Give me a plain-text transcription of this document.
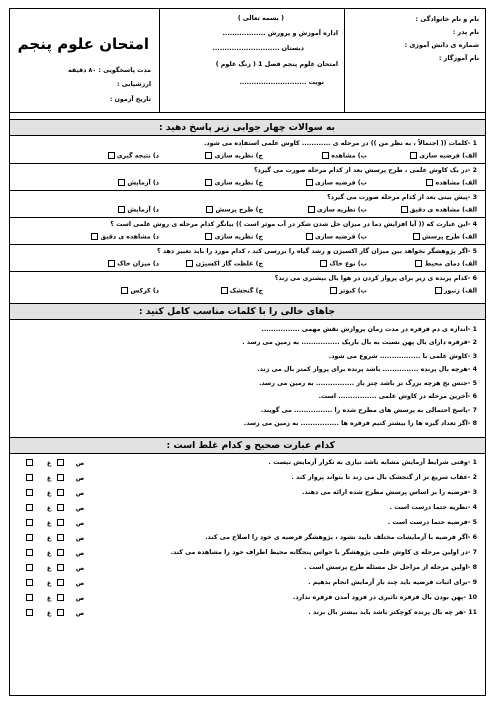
نام و نام خانوادگی :
نام پدر :
شماره ی دانش آموزی :
نام آموزگار :
( بسمه تعالی )
اداره آموزش و پرورش ..................
دبستان ............................
امتحان علوم پنجم فصل 1 ( زنگ علوم )
نوبت ............................
امتحان علوم پنجم
مدت پاسخگویی : ۸۰ دقیقه
ارزشیابی :
تاریخ آزمون :
به سوالات چهار جوابی زیر پاسخ دهید :
1 -کلمات (( احتمالاً ، به نظر من )) در مرحله ی ............ کاوش علمی استفاده می شود.
الف) فرضیه سازی
ب) مشاهده
ج) نظریه سازی
د) نتیجه گیری
2 -در یک کاوش علمی ، طرح پرسش بعد از کدام مرحله صورت می گیرد؟
الف) مشاهده
ب) فرضیه سازی
ج) نظریه سازی
د) آزمایش
3 -پیش بینی بعد از کدام مرحله صورت می گیرد؟
الف) مشاهده ی دقیق
ب) نظریه سازی
ج) طرح پرسش
د) آزمایش
4 -این عبارت که (( آیا افزایش دما در میزان حل شدن شکر در آب موثر است )) بیانگر کدام مرحله ی روش علمی است ؟
الف) طرح پرسش
ب) فرضیه سازی
ج) نظریه سازی
د) مشاهده ی دقیق
5 -اگر پژوهشگر بخواهد بین میزان گاز اکسیژن و رشد گیاه را بررسی کند ، کدام مورد را باید تغییر دهد ؟
الف) دمای محیط
ب) نوع خاک
ج) غلظت گاز اکسیژن
د) میزان خاک
6 -کدام پرنده ی زیر برای پرواز کردن در هوا بال بیشتری می زند؟
الف) زنبور
ب) کبوتر
ج) گنجشک
د) کرکس
جاهای خالی را با کلمات مناسب کامل کنید :
1 -اندازه ی دم فرفره در مدت زمان پروازش نقش مهمی ................
2 -فرفره دارای بال پهن نسبت به بال باریک ................ به زمین می رسد .
3 -کاوش علمی با ................. شروع می شود.
4 -هرچه بال پرنده ............... باشد پرنده برای پرواز کمتر بال می زند.
5 -جنس نخ هرچه بزرگ تر باشد چتر باز ................ به زمین می رسد.
6 -آخرین مرحله در کاوش علمی ................ است.
7 -پاسخ احتمالی به پرسش های مطرح شده را ................ می گویند.
8 -اگر تعداد گیره ها را بیشتر کنیم فرفره ها ................ به زمین می رسد.
کدام عبارت صحیح و کدام غلط است :
1 -وقتی شرایط آزمایش مشابه باشد نیازی به تکرار آزمایش نیست .
غ	ص
2 -عقاب سریع تر از گنجشک بال می زند تا بتواند پرواز کند .
غ	ص
3 -فرضیه را بر اساس پرسش مطرح شده ارائه می دهند.
غ	ص
4 -نظریه حتما درست است .
غ	ص
5 -فرضیه حتما درست است .
غ	ص
6 -اگر فرضیه با آزمایشات مختلف تایید نشود ، پژوهشگر فرضیه ی خود را اصلاح می کند.
غ	ص
7 -در اولین مرحله ی کاوش علمی پژوهشگر با حواس پنجگانه محیط اطراف خود را مشاهده می کند.
غ	ص
8 -اولین مرحله از مراحل حل مسئله طرح پرسش است .
غ	ص
9 -برای اثبات فرضیه باید چند بار آزمایش انجام بدهیم .
غ	ص
10 -پهن بودن بال فرفره تاثیری در فرود آمدن فرفره ندارد.
غ	ص
11 -هر چه بال پرنده کوچکتر باشد باید بیشتر بال بزند .
غ	ص
